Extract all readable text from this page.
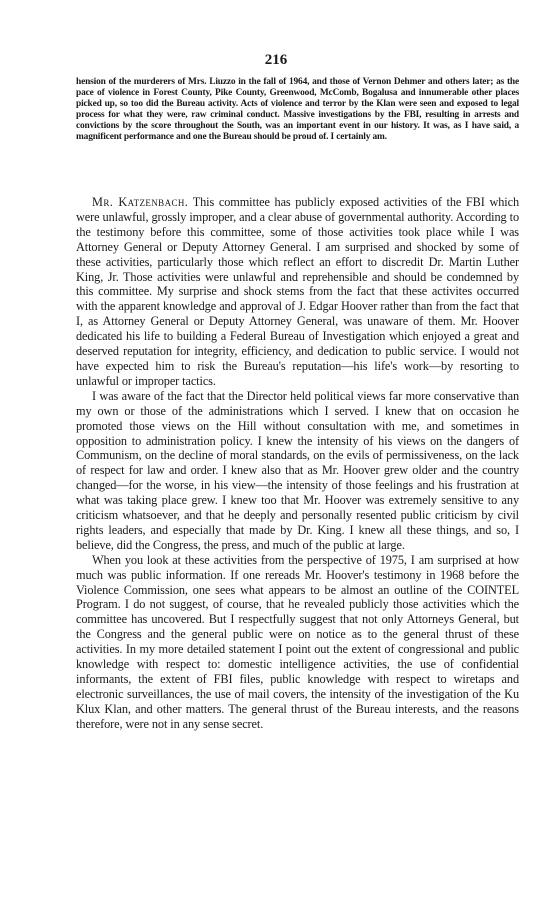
216
hension of the murderers of Mrs. Liuzzo in the fall of 1964, and those of Vernon Dehmer and others later; as the pace of violence in Forest County, Pike County, Greenwood, McComb, Bogalusa and innumerable other places picked up, so too did the Bureau activity. Acts of violence and terror by the Klan were seen and exposed to legal process for what they were, raw criminal conduct. Massive investigations by the FBI, resulting in arrests and convictions by the score throughout the South, was an important event in our history. It was, as I have said, a magnificent performance and one the Bureau should be proud of. I certainly am.

Mr. Katzenbach. This committee has publicly exposed activities of the FBI which were unlawful, grossly improper, and a clear abuse of governmental authority. According to the testimony before this committee, some of those activities took place while I was Attorney General or Deputy Attorney General. I am surprised and shocked by some of these activities, particularly those which reflect an effort to discredit Dr. Martin Luther King, Jr. Those activities were unlawful and reprehensible and should be condemned by this committee. My surprise and shock stems from the fact that these activites occurred with the apparent knowledge and approval of J. Edgar Hoover rather than from the fact that I, as Attorney General or Deputy Attorney General, was unaware of them. Mr. Hoover dedicated his life to building a Federal Bureau of Investigation which enjoyed a great and deserved reputation for integrity, efficiency, and dedication to public service. I would not have expected him to risk the Bureau's reputation—his life's work—by resorting to unlawful or improper tactics.

I was aware of the fact that the Director held political views far more conservative than my own or those of the administrations which I served. I knew that on occasion he promoted those views on the Hill without consultation with me, and sometimes in opposition to administration policy. I knew the intensity of his views on the dangers of Communism, on the decline of moral standards, on the evils of permissiveness, on the lack of respect for law and order. I knew also that as Mr. Hoover grew older and the country changed—for the worse, in his view—the intensity of those feelings and his frustration at what was taking place grew. I knew too that Mr. Hoover was extremely sensitive to any criticism whatsoever, and that he deeply and personally resented public criticism by civil rights leaders, and especially that made by Dr. King. I knew all these things, and so, I believe, did the Congress, the press, and much of the public at large.

When you look at these activities from the perspective of 1975, I am surprised at how much was public information. If one rereads Mr. Hoover's testimony in 1968 before the Violence Commission, one sees what appears to be almost an outline of the COINTEL Program. I do not suggest, of course, that he revealed publicly those activities which the committee has uncovered. But I respectfully suggest that not only Attorneys General, but the Congress and the general public were on notice as to the general thrust of these activities. In my more detailed statement I point out the extent of congressional and public knowledge with respect to: domestic intelligence activities, the use of confidential informants, the extent of FBI files, public knowledge with respect to wiretaps and electronic surveillances, the use of mail covers, the intensity of the investigation of the Ku Klux Klan, and other matters. The general thrust of the Bureau interests, and the reasons therefore, were not in any sense secret.
